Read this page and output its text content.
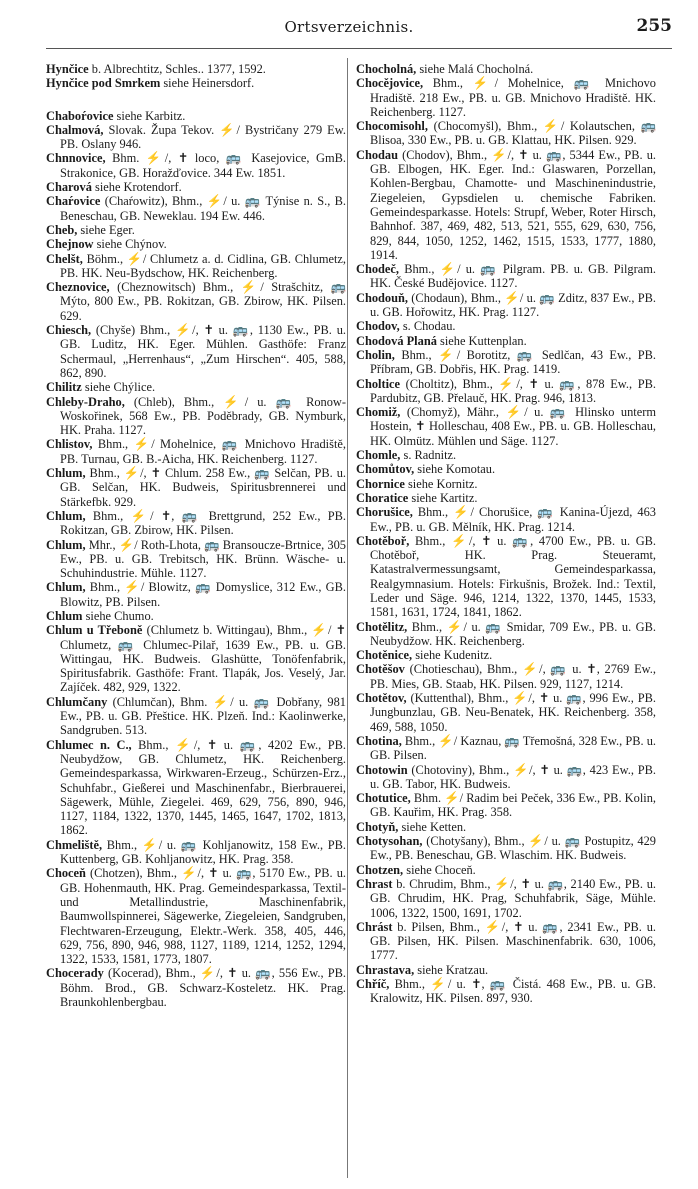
Ortsverzeichnis.	255

Hynčice b. Albrechtitz, Schles.. 1377, 1592.

Hynčice pod Smrkem siehe Heinersdorf.

Chaboŕovice siehe Karbitz.

Chalmová, Slovak. Župa Tekov. ⚡/ Bystričany 279 Ew. PB. Oslany 946.

Chnnovice, Bhm. ⚡/, ✝ loco, 🚌 Kasejovice, GmB. Strakonice, GB. Horažďovice. 344 Ew. 1851.

Charová siehe Krotendorf.

Chaŕovice (Chaŕowitz), Bhm., ⚡/ u. 🚌 Týnise n. S., B. Beneschau, GB. Neweklau. 194 Ew. 446.

Cheb, siehe Eger.

Chejnow siehe Chýnov.

Chelšt, Böhm., ⚡/ Chlumetz a. d. Cidlina, GB. Chlumetz, PB. HK. Neu-Bydschow, HK. Reichenberg.

Cheznovice, (Cheznowitsch) Bhm., ⚡/ Strašchitz, 🚌 Mýto, 800 Ew., PB. Rokitzan, GB. Zbirow, HK. Pilsen. 629.

Chiesch, (Chyše) Bhm., ⚡/, ✝ u. 🚌, 1130 Ew., PB. u. GB. Luditz, HK. Eger. Mühlen. Gasthöfe: Franz Schermaul, „Herrenhaus“, „Zum Hirschen“. 405, 588, 862, 890.

Chilitz siehe Chýlice.

Chleby-Draho, (Chleb), Bhm., ⚡/ u. 🚌 Ronow-Woskořinek, 568 Ew., PB. Poděbrady, GB. Nymburk, HK. Praha. 1127.

Chlistov, Bhm., ⚡/ Mohelnice, 🚌 Mnichovo Hradiště, PB. Turnau, GB. B.-Aicha, HK. Reichenberg. 1127.

Chlum, Bhm., ⚡/, ✝ Chlum. 258 Ew., 🚌 Selčan, PB. u. GB. Selčan, HK. Budweis, Spiritusbrennerei und Stärkefbk. 929.

Chlum, Bhm., ⚡/ ✝, 🚌 Brettgrund, 252 Ew., PB. Rokitzan, GB. Zbirow, HK. Pilsen.

Chlum, Mhr., ⚡/ Roth-Lhota, 🚌 Bransoucze-Brtnice, 305 Ew., PB. u. GB. Trebitsch, HK. Brünn. Wäsche- u. Schuhindustrie. Mühle. 1127.

Chlum, Bhm., ⚡/ Blowitz, 🚌 Domyslice, 312 Ew., GB. Blowitz, PB. Pilsen.

Chlum siehe Chumo.

Chlum u Třeboně (Chlumetz b. Wittingau), Bhm., ⚡/ ✝ Chlumetz, 🚌 Chlumec-Pilař, 1639 Ew., PB. u. GB. Wittingau, HK. Budweis. Glashütte, Tonöfenfabrik, Spiritusfabrik. Gasthöfe: Frant. Tlapák, Jos. Veselý, Jar. Zajíček. 482, 929, 1322.

Chlumčany (Chlumčan), Bhm. ⚡/ u. 🚌 Dobřany, 981 Ew., PB. u. GB. Přeštice. HK. Plzeň. Ind.: Kaolinwerke, Sandgruben. 513.

Chlumec n. C., Bhm., ⚡/, ✝ u. 🚌, 4202 Ew., PB. Neubydžow, GB. Chlumetz, HK. Reichenberg. Gemeindesparkassa, Wirkwaren-Erzeug., Schürzen-Erz., Schuhfabr., Gießerei und Maschinenfabr., Bierbrauerei, Sägewerk, Mühle, Ziegelei. 469, 629, 756, 890, 946, 1127, 1184, 1322, 1370, 1445, 1465, 1647, 1702, 1813, 1862.

Chmeliště, Bhm., ⚡/ u. 🚌 Kohljanowitz, 158 Ew., PB. Kuttenberg, GB. Kohljanowitz, HK. Prag. 358.

Choceň (Chotzen), Bhm., ⚡/, ✝ u. 🚌, 5170 Ew., PB. u. GB. Hohenmauth, HK. Prag. Gemeindesparkassa, Textil- und Metallindustrie, Maschinenfabrik, Baumwollspinnerei, Sägewerke, Ziegeleien, Sandgruben, Flechtwaren-Erzeugung, Elektr.-Werk. 358, 405, 446, 629, 756, 890, 946, 988, 1127, 1189, 1214, 1252, 1294, 1322, 1533, 1581, 1773, 1807.

Chocerady (Kocerad), Bhm., ⚡/, ✝ u. 🚌, 556 Ew., PB. Böhm. Brod., GB. Schwarz-Kosteletz. HK. Prag. Braunkohlenbergbau.

Chocholná, siehe Malá Chocholná.

Chocějovice, Bhm., ⚡/ Mohelnice, 🚌 Mnichovo Hradiště. 218 Ew., PB. u. GB. Mnichovo Hradiště. HK. Reichenberg. 1127.

Chocomisohl, (Chocomyšl), Bhm., ⚡/ Kolautschen, 🚌 Blisoa, 330 Ew., PB. u. GB. Klattau, HK. Pilsen. 929.

Chodau (Chodov), Bhm., ⚡/, ✝ u. 🚌, 5344 Ew., PB. u. GB. Elbogen, HK. Eger. Ind.: Glaswaren, Porzellan, Kohlen-Bergbau, Chamotte- und Maschinenindustrie, Ziegeleien, Gypsdielen u. chemische Fabriken. Gemeindesparkasse. Hotels: Strupf, Weber, Roter Hirsch, Bahnhof. 387, 469, 482, 513, 521, 555, 629, 630, 756, 829, 844, 1050, 1252, 1462, 1515, 1533, 1777, 1880, 1914.

Chodeč, Bhm., ⚡/ u. 🚌 Pilgram. PB. u. GB. Pilgram. HK. České Budějovice. 1127.

Chodouň, (Chodaun), Bhm., ⚡/ u. 🚌 Zditz, 837 Ew., PB. u. GB. Hořowitz, HK. Prag. 1127.

Chodov, s. Chodau.

Chodová Planá siehe Kuttenplan.

Cholin, Bhm., ⚡/ Borotitz, 🚌 Sedlčan, 43 Ew., PB. Příbram, GB. Dobřis, HK. Prag. 1419.

Choltice (Choltitz), Bhm., ⚡/, ✝ u. 🚌, 878 Ew., PB. Pardubitz, GB. Přelauč, HK. Prag. 946, 1813.

Chomiž, (Chomyž), Mähr., ⚡/ u. 🚌 Hlinsko unterm Hostein, ✝ Holleschau, 408 Ew., PB. u. GB. Holleschau, HK. Olmütz. Mühlen und Säge. 1127.

Chomle, s. Radnitz.

Chomůtov, siehe Komotau.

Chornice siehe Kornitz.

Choratice siehe Kartitz.

Chorušice, Bhm., ⚡/ Chorušice, 🚌 Kanina-Újezd, 463 Ew., PB. u. GB. Mělník, HK. Prag. 1214.

Chotěboř, Bhm., ⚡/, ✝ u. 🚌, 4700 Ew., PB. u. GB. Chotěboř, HK. Prag. Steueramt, Katastralvermessungsamt, Gemeindesparkassa, Realgymnasium. Hotels: Firkušnis, Brožek. Ind.: Textil, Leder und Säge. 946, 1214, 1322, 1370, 1445, 1533, 1581, 1631, 1724, 1841, 1862.

Chotělitz, Bhm., ⚡/ u. 🚌 Smidar, 709 Ew., PB. u. GB. Neubydžow. HK. Reichenberg.

Chotěnice, siehe Kudenitz.

Chotěšov (Chotieschau), Bhm., ⚡/, 🚌 u. ✝, 2769 Ew., PB. Mies, GB. Staab, HK. Pilsen. 929, 1127, 1214.

Chotětov, (Kuttenthal), Bhm., ⚡/, ✝ u. 🚌, 996 Ew., PB. Jungbunzlau, GB. Neu-Benatek, HK. Reichenberg. 358, 469, 588, 1050.

Chotina, Bhm., ⚡/ Kaznau, 🚌 Třemošná, 328 Ew., PB. u. GB. Pilsen.

Chotowin (Chotoviny), Bhm., ⚡/, ✝ u. 🚌, 423 Ew., PB. u. GB. Tabor, HK. Budweis.

Chotutice, Bhm. ⚡/ Radim bei Peček, 336 Ew., PB. Kolin, GB. Kauřim, HK. Prag. 358.

Chotyň, siehe Ketten.

Chotysohan, (Chotyšany), Bhm., ⚡/ u. 🚌 Postupitz, 429 Ew., PB. Beneschau, GB. Wlaschim. HK. Budweis.

Chotzen, siehe Choceň.

Chrast b. Chrudim, Bhm., ⚡/, ✝ u. 🚌, 2140 Ew., PB. u. GB. Chrudim, HK. Prag, Schuhfabrik, Säge, Mühle. 1006, 1322, 1500, 1691, 1702.

Chrást b. Pilsen, Bhm., ⚡/, ✝ u. 🚌, 2341 Ew., PB. u. GB. Pilsen, HK. Pilsen. Maschinenfabrik. 630, 1006, 1777.

Chrastava, siehe Kratzau.

Chříč, Bhm., ⚡/ u. ✝, 🚌 Čistá. 468 Ew., PB. u. GB. Kralowitz, HK. Pilsen. 897, 930.
